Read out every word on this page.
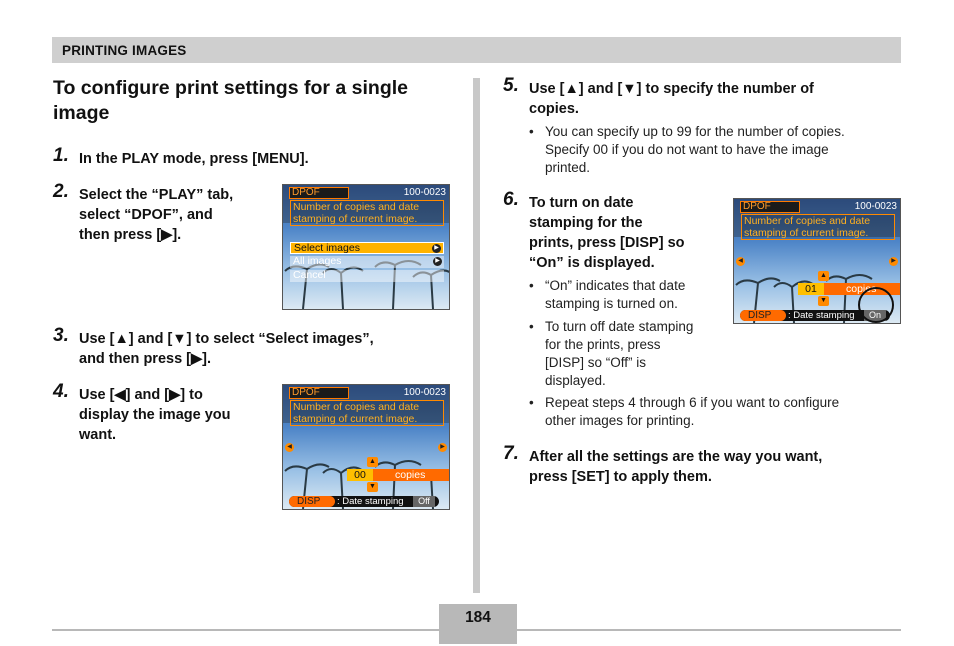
PRINTING IMAGES
To configure print settings for a single image
1. In the PLAY mode, press [MENU].
2. Select the “PLAY” tab,
select “DPOF”, and
then press [▶].
DPOF	100-0023
Number of copies and date
stamping of current image.
Select images	▶
All images	▶
Cancel
3. Use [▲] and [▼] to select “Select images”,
and then press [▶].
4. Use [◀] and [▶] to
display the image you
want.
DPOF	100-0023
Number of copies and date
stamping of current image.
◀	▶
▲
00	copies
▼
DISP	: Date stamping	Off
5. Use [▲] and [▼] to specify the number of
copies.
• You can specify up to 99 for the number of copies.
Specify 00 if you do not want to have the image
printed.
6. To turn on date
stamping for the
prints, press [DISP] so
“On” is displayed.
• “On” indicates that date
stamping is turned on.
• To turn off date stamping
for the prints, press
[DISP] so “Off” is
displayed.
• Repeat steps 4 through 6 if you want to configure
other images for printing.
DPOF	100-0023
Number of copies and date
stamping of current image.
◀	▶
▲
01	copies
▼
DISP	: Date stamping	On
7. After all the settings are the way you want,
press [SET] to apply them.
184
